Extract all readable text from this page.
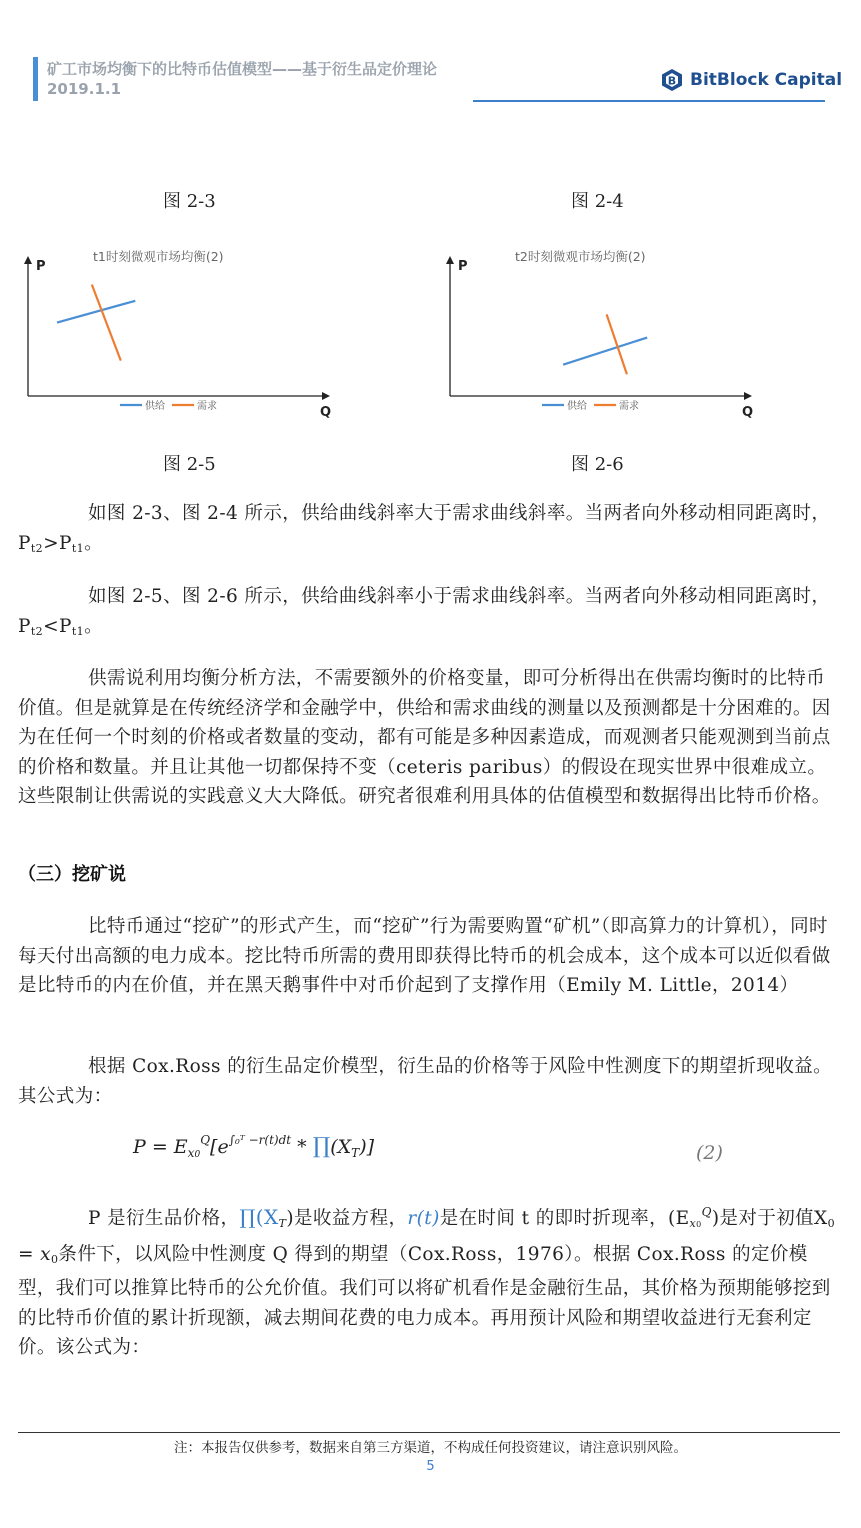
矿工市场均衡下的比特币估值模型——基于衍生品定价理论
2019.1.1	B BitBlock Capital
图 2-3	图 2-4
P
Q
t1时刻微观市场均衡(2)
供给	需求
P
Q
t2时刻微观市场均衡(2)
供给	需求
图 2-5	图 2-6
如图 2-3、图 2-4 所示，供给曲线斜率大于需求曲线斜率。当两者向外移动相同距离时，$P_{t2}>P_{t1}$。
如图 2-5、图 2-6 所示，供给曲线斜率小于需求曲线斜率。当两者向外移动相同距离时，$P_{t2}<P_{t1}$。
供需说利用均衡分析方法，不需要额外的价格变量，即可分析得出在供需均衡时的比特币价值。但是就算是在传统经济学和金融学中，供给和需求曲线的测量以及预测都是十分困难的。因为在任何一个时刻的价格或者数量的变动，都有可能是多种因素造成，而观测者只能观测到当前点的价格和数量。并且让其他一切都保持不变（ceteris paribus）的假设在现实世界中很难成立。这些限制让供需说的实践意义大大降低。研究者很难利用具体的估值模型和数据得出比特币价格。
（三）挖矿说
比特币通过“挖矿”的形式产生，而“挖矿”行为需要购置“矿机”（即高算力的计算机），同时每天付出高额的电力成本。挖比特币所需的费用即获得比特币的机会成本，这个成本可以近似看做是比特币的内在价值，并在黑天鹅事件中对币价起到了支撑作用（Emily M. Little，2014）
根据 Cox.Ross 的衍生品定价模型，衍生品的价格等于风险中性测度下的期望折现收益。其公式为：
$P = E_{x0}^Q[e^{\int_0ᵀ -r(t)dt}$ * $\prod(X_T)$]	(2)
P 是衍生品价格，$\prod(X_T)$是收益方程，r(t)是在时间 t 的即时折现率，$(E_{x0}^Q)$是对于初值$X_0 = x_0$条件下，以风险中性测度 Q 得到的期望（Cox.Ross，1976）。根据 Cox.Ross 的定价模型，我们可以推算比特币的公允价值。我们可以将矿机看作是金融衍生品，其价格为预期能够挖到的比特币价值的累计折现额，减去期间花费的电力成本。再用预计风险和期望收益进行无套利定价。该公式为：
注：本报告仅供参考，数据来自第三方渠道，不构成任何投资建议，请注意识别风险。
5
